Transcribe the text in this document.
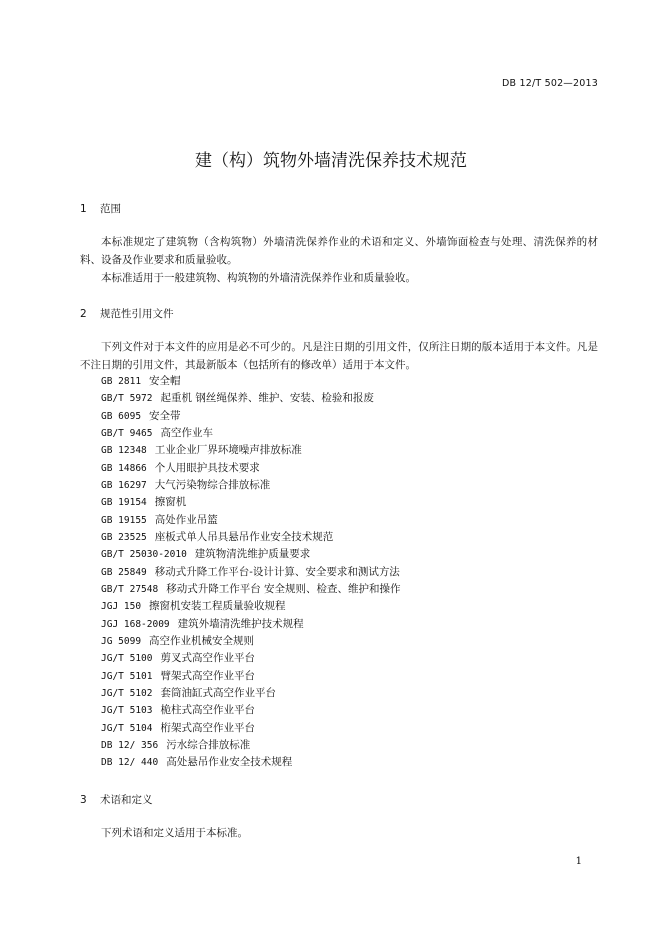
DB 12/T 502—2013
建（构）筑物外墙清洗保养技术规范
1 范围

本标准规定了建筑物（含构筑物）外墙清洗保养作业的术语和定义、外墙饰面检查与处理、清洗保养的材料、设备及作业要求和质量验收。

本标准适用于一般建筑物、构筑物的外墙清洗保养作业和质量验收。

2 规范性引用文件

下列文件对于本文件的应用是必不可少的。凡是注日期的引用文件，仅所注日期的版本适用于本文件。凡是不注日期的引用文件，其最新版本（包括所有的修改单）适用于本文件。

GB 2811 安全帽
GB/T 5972 起重机 钢丝绳保养、维护、安装、检验和报废
GB 6095 安全带
GB/T 9465 高空作业车
GB 12348 工业企业厂界环境噪声排放标准
GB 14866 个人用眼护具技术要求
GB 16297 大气污染物综合排放标准
GB 19154 擦窗机
GB 19155 高处作业吊篮
GB 23525 座板式单人吊具悬吊作业安全技术规范
GB/T 25030-2010 建筑物清洗维护质量要求
GB 25849 移动式升降工作平台-设计计算、安全要求和测试方法
GB/T 27548 移动式升降工作平台 安全规则、检查、维护和操作
JGJ 150 擦窗机安装工程质量验收规程
JGJ 168-2009 建筑外墙清洗维护技术规程
JG 5099 高空作业机械安全规则
JG/T 5100 剪叉式高空作业平台
JG/T 5101 臂架式高空作业平台
JG/T 5102 套筒油缸式高空作业平台
JG/T 5103 桅柱式高空作业平台
JG/T 5104 桁架式高空作业平台
DB 12/ 356 污水综合排放标准
DB 12/ 440 高处悬吊作业安全技术规程
3 术语和定义

下列术语和定义适用于本标准。

1
